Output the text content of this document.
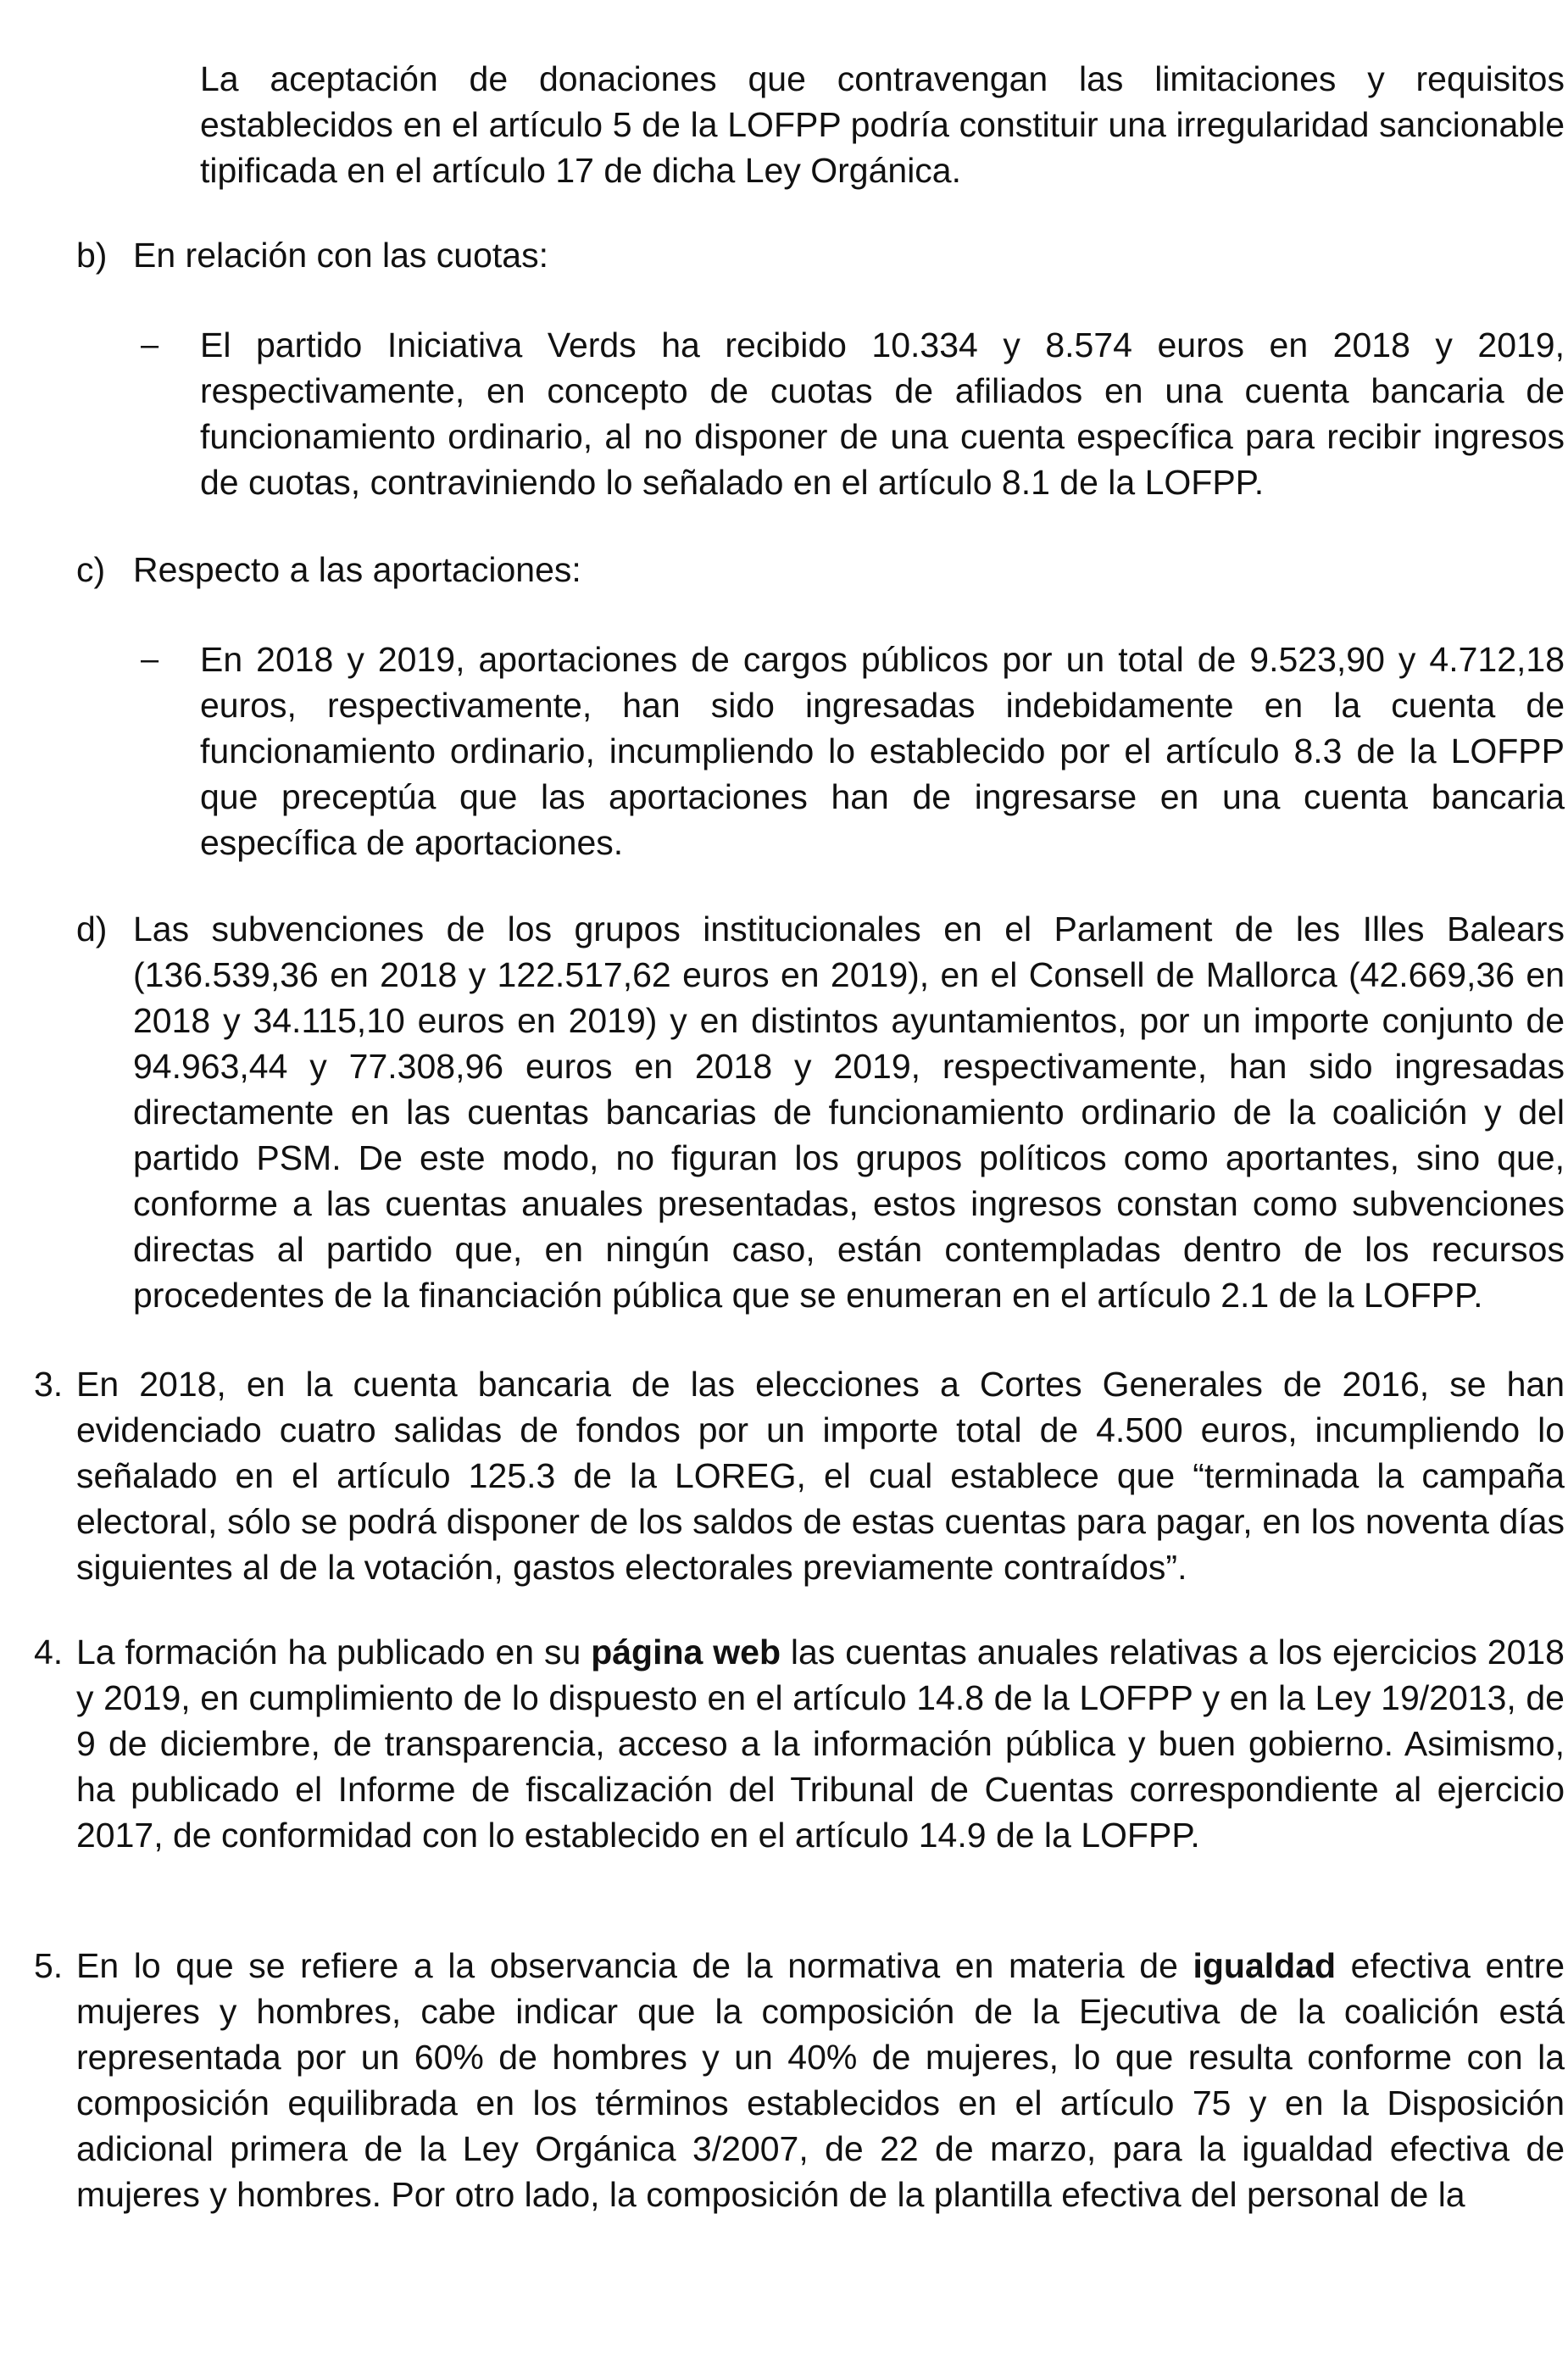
La aceptación de donaciones que contravengan las limitaciones y requisitos establecidos en el artículo 5 de la LOFPP podría constituir una irregularidad sancionable tipificada en el artículo 17 de dicha Ley Orgánica.

b) En relación con las cuotas:

– El partido Iniciativa Verds ha recibido 10.334 y 8.574 euros en 2018 y 2019, respectivamente, en concepto de cuotas de afiliados en una cuenta bancaria de funcionamiento ordinario, al no disponer de una cuenta específica para recibir ingresos de cuotas, contraviniendo lo señalado en el artículo 8.1 de la LOFPP.

c) Respecto a las aportaciones:

– En 2018 y 2019, aportaciones de cargos públicos por un total de 9.523,90 y 4.712,18 euros, respectivamente, han sido ingresadas indebidamente en la cuenta de funcionamiento ordinario, incumpliendo lo establecido por el artículo 8.3 de la LOFPP que preceptúa que las aportaciones han de ingresarse en una cuenta bancaria específica de aportaciones.

d) Las subvenciones de los grupos institucionales en el Parlament de les Illes Balears (136.539,36 en 2018 y 122.517,62 euros en 2019), en el Consell de Mallorca (42.669,36 en 2018 y 34.115,10 euros en 2019) y en distintos ayuntamientos, por un importe conjunto de 94.963,44 y 77.308,96 euros en 2018 y 2019, respectivamente, han sido ingresadas directamente en las cuentas bancarias de funcionamiento ordinario de la coalición y del partido PSM. De este modo, no figuran los grupos políticos como aportantes, sino que, conforme a las cuentas anuales presentadas, estos ingresos constan como subvenciones directas al partido que, en ningún caso, están contempladas dentro de los recursos procedentes de la financiación pública que se enumeran en el artículo 2.1 de la LOFPP.

3. En 2018, en la cuenta bancaria de las elecciones a Cortes Generales de 2016, se han evidenciado cuatro salidas de fondos por un importe total de 4.500 euros, incumpliendo lo señalado en el artículo 125.3 de la LOREG, el cual establece que “terminada la campaña electoral, sólo se podrá disponer de los saldos de estas cuentas para pagar, en los noventa días siguientes al de la votación, gastos electorales previamente contraídos”.

4. La formación ha publicado en su página web las cuentas anuales relativas a los ejercicios 2018 y 2019, en cumplimiento de lo dispuesto en el artículo 14.8 de la LOFPP y en la Ley 19/2013, de 9 de diciembre, de transparencia, acceso a la información pública y buen gobierno. Asimismo, ha publicado el Informe de fiscalización del Tribunal de Cuentas correspondiente al ejercicio 2017, de conformidad con lo establecido en el artículo 14.9 de la LOFPP.

5. En lo que se refiere a la observancia de la normativa en materia de igualdad efectiva entre mujeres y hombres, cabe indicar que la composición de la Ejecutiva de la coalición está representada por un 60% de hombres y un 40% de mujeres, lo que resulta conforme con la composición equilibrada en los términos establecidos en el artículo 75 y en la Disposición adicional primera de la Ley Orgánica 3/2007, de 22 de marzo, para la igualdad efectiva de mujeres y hombres. Por otro lado, la composición de la plantilla efectiva del personal de la
